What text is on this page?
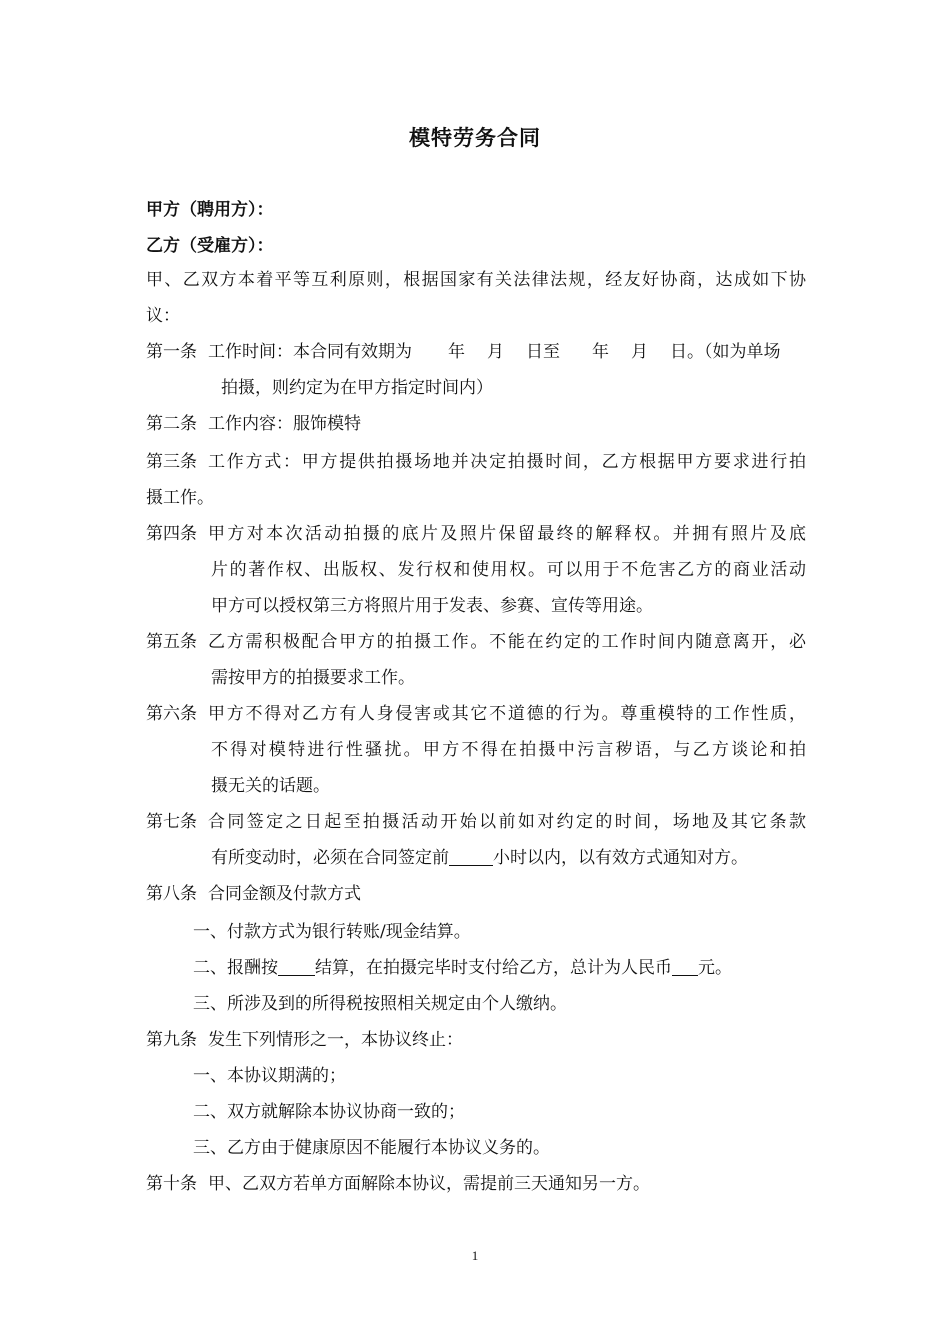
模特劳务合同
甲方（聘用方）：
乙方（受雇方）：
甲、乙双方本着平等互利原则，根据国家有关法律法规，经友好协商，达成如下协
议：
第一条 工作时间：本合同有效期为 年 月 日至 年 月 日。（如为单场
拍摄，则约定为在甲方指定时间内）
第二条 工作内容：服饰模特
第三条 工作方式：甲方提供拍摄场地并决定拍摄时间，乙方根据甲方要求进行拍
摄工作。
第四条 甲方对本次活动拍摄的底片及照片保留最终的解释权。并拥有照片及底
片的著作权、出版权、发行权和使用权。可以用于不危害乙方的商业活动
甲方可以授权第三方将照片用于发表、参赛、宣传等用途。
第五条 乙方需积极配合甲方的拍摄工作。不能在约定的工作时间内随意离开，必
需按甲方的拍摄要求工作。
第六条 甲方不得对乙方有人身侵害或其它不道德的行为。尊重模特的工作性质，
不得对模特进行性骚扰。甲方不得在拍摄中污言秽语，与乙方谈论和拍
摄无关的话题。
第七条 合同签定之日起至拍摄活动开始以前如对约定的时间，场地及其它条款
有所变动时，必须在合同签定前	小时以内，以有效方式通知对方。
第八条 合同金额及付款方式
一、付款方式为银行转账/现金结算。
二、报酬按 结算，在拍摄完毕时支付给乙方，总计为人民币 元。
三、所涉及到的所得税按照相关规定由个人缴纳。
第九条 发生下列情形之一，本协议终止：
一、本协议期满的；
二、双方就解除本协议协商一致的；
三、乙方由于健康原因不能履行本协议义务的。
第十条 甲、乙双方若单方面解除本协议，需提前三天通知另一方。
1
